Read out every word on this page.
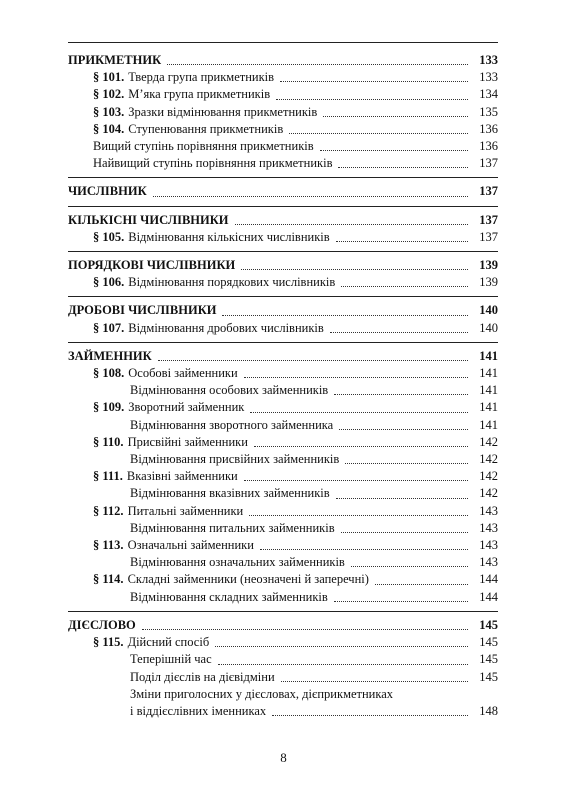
ПРИКМЕТНИК	133
§ 101. Тверда група прикметників	133
§ 102. М’яка група прикметників	134
§ 103. Зразки відмінювання прикметників	135
§ 104. Ступенювання прикметників	136
Вищий ступінь порівняння прикметників	136
Найвищий ступінь порівняння прикметників	137
ЧИСЛІВНИК	137
КІЛЬКІСНІ ЧИСЛІВНИКИ	137
§ 105. Відмінювання кількісних числівників	137
ПОРЯДКОВІ ЧИСЛІВНИКИ	139
§ 106. Відмінювання порядкових числівників	139
ДРОБОВІ ЧИСЛІВНИКИ	140
§ 107. Відмінювання дробових числівників	140
ЗАЙМЕННИК	141
§ 108. Особові займенники	141
Відмінювання особових займенників	141
§ 109. Зворотний займенник	141
Відмінювання зворотного займенника	141
§ 110. Присвійні займенники	142
Відмінювання присвійних займенників	142
§ 111. Вказівні займенники	142
Відмінювання вказівних займенників	142
§ 112. Питальні займенники	143
Відмінювання питальних займенників	143
§ 113. Означальні займенники	143
Відмінювання означальних займенників	143
§ 114. Складні займенники (неозначені й заперечні)	144
Відмінювання складних займенників	144
ДІЄСЛОВО	145
§ 115. Дійсний спосіб	145
Теперішній час	145
Поділ дієслів на дієвідміни	145
Зміни приголосних у дієсловах, дієприкметниках
і віддієслівних іменниках	148
8
